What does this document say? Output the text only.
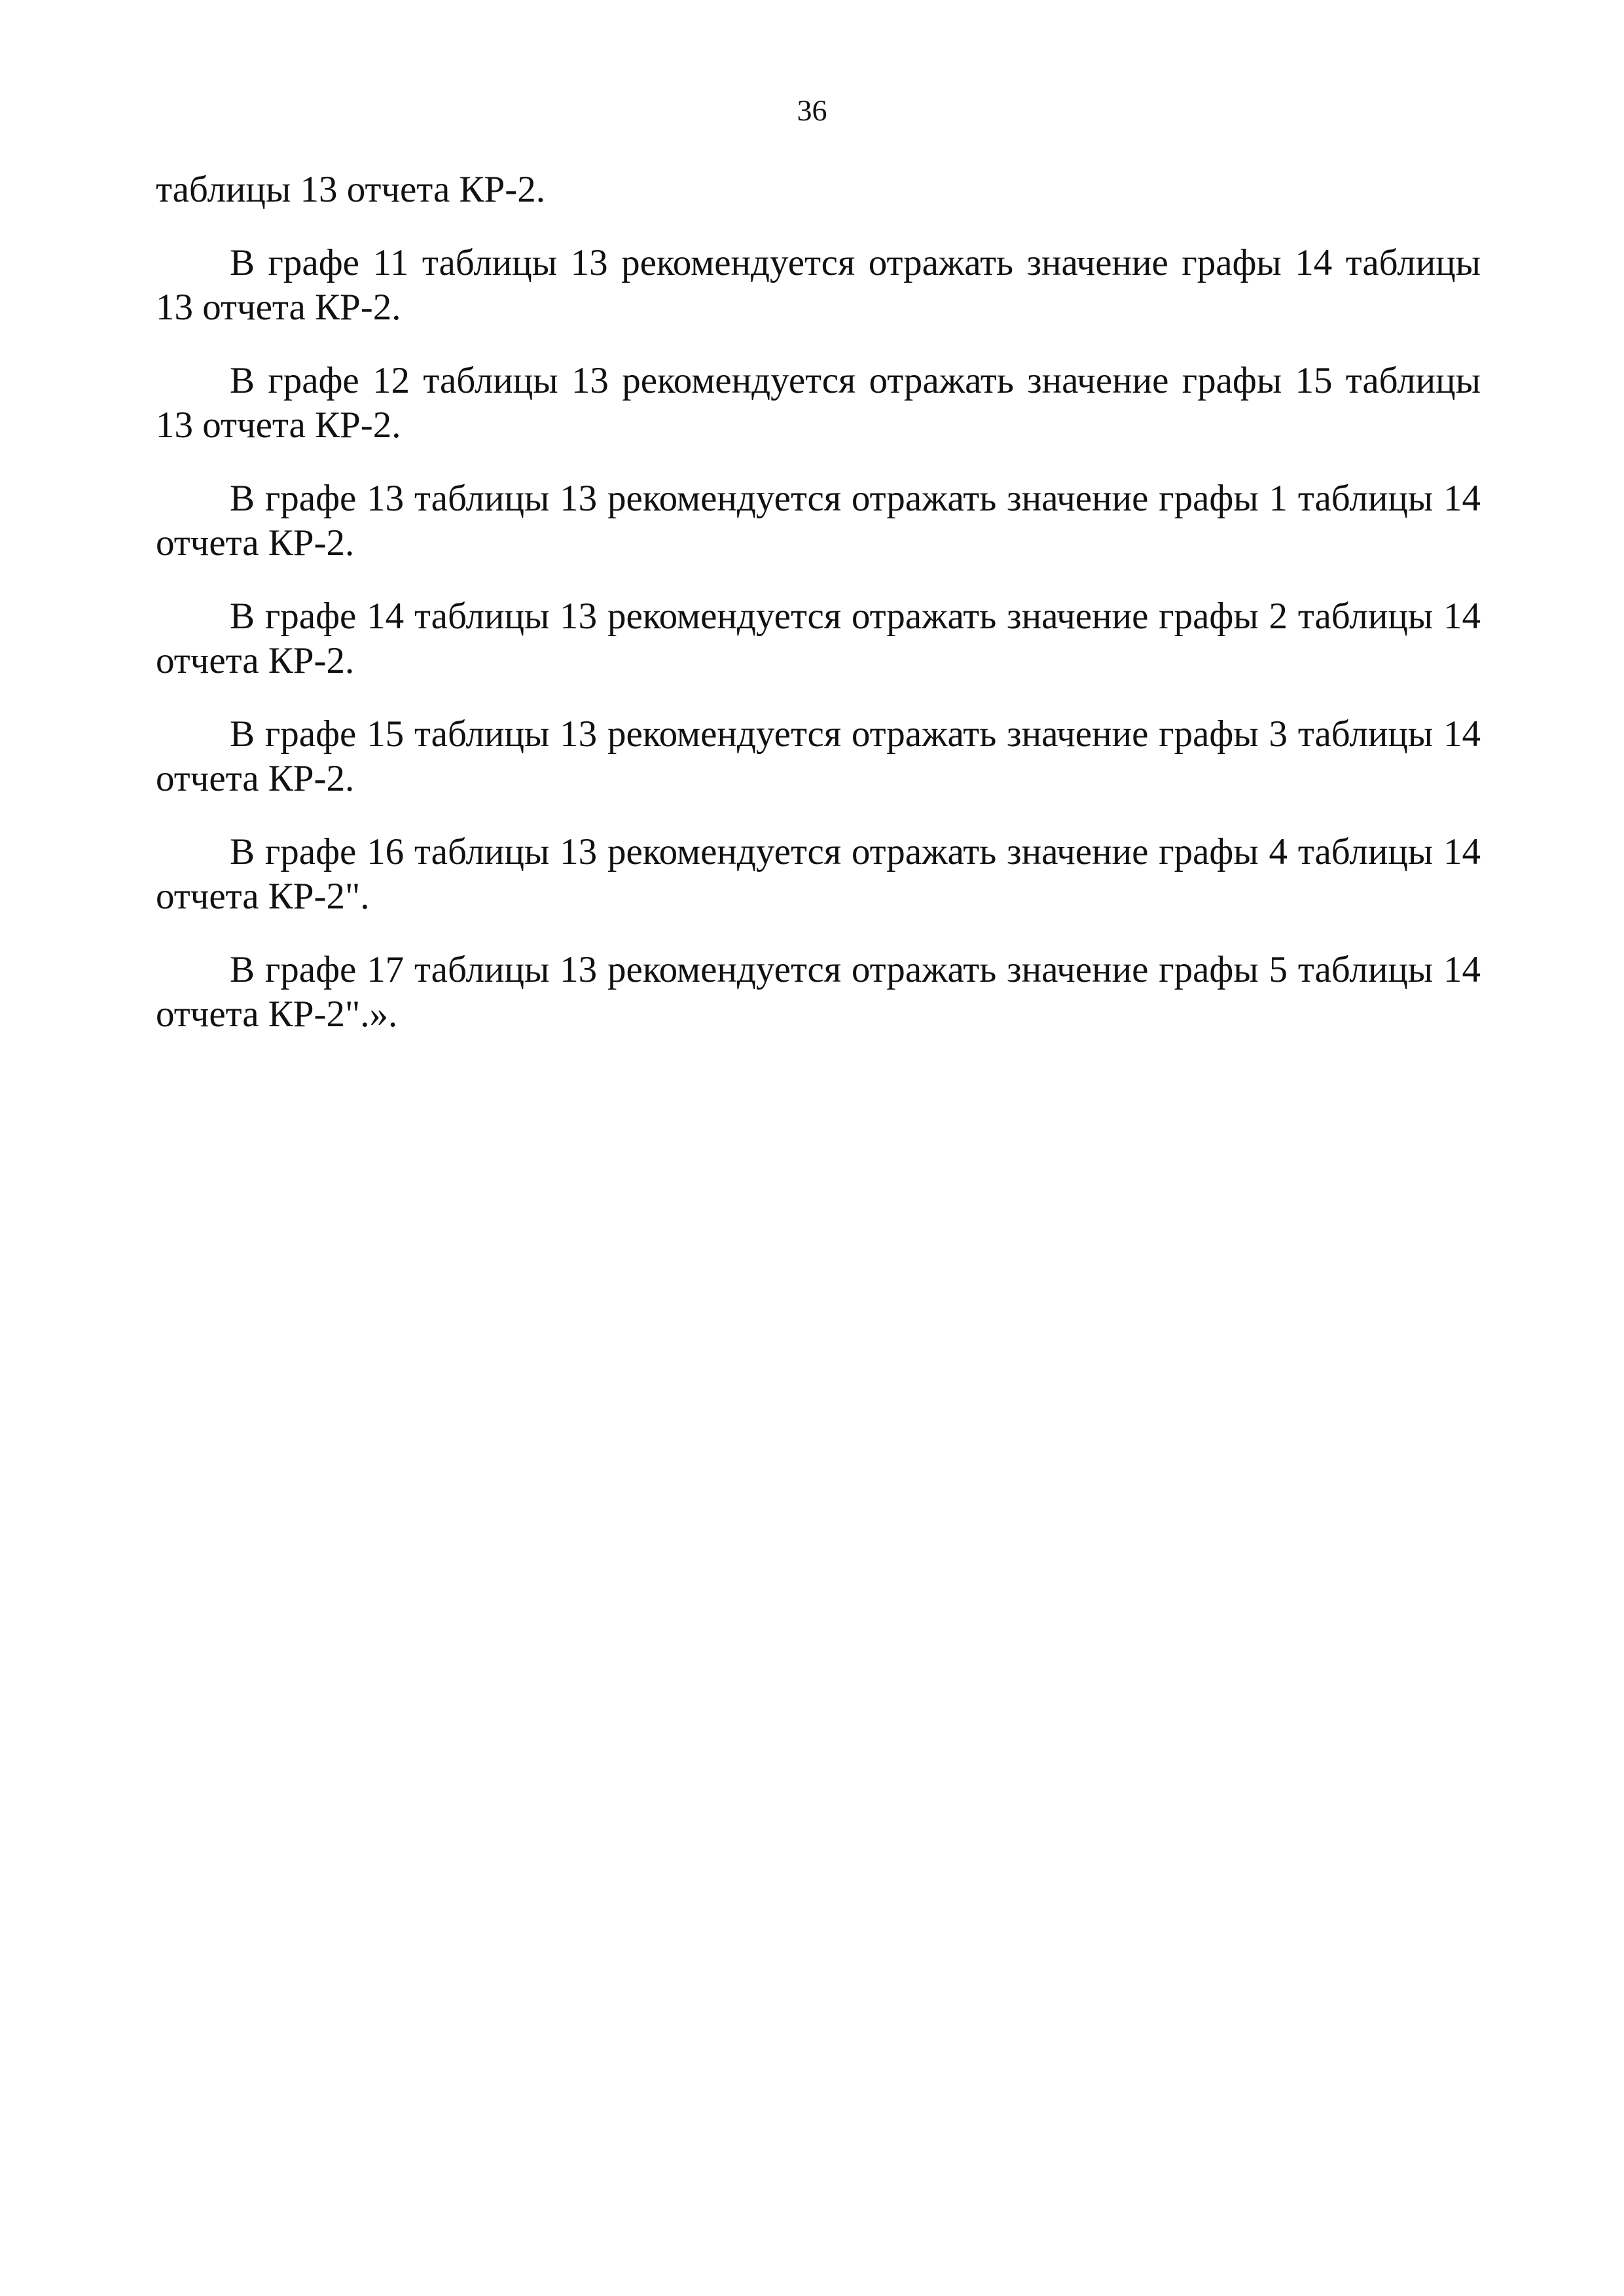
36

таблицы 13 отчета КР-2.

В графе 11 таблицы 13 рекомендуется отражать значение графы 14 таблицы 13 отчета КР-2.

В графе 12 таблицы 13 рекомендуется отражать значение графы 15 таблицы 13 отчета КР-2.

В графе 13 таблицы 13 рекомендуется отражать значение графы 1 таблицы 14 отчета КР-2.

В графе 14 таблицы 13 рекомендуется отражать значение графы 2 таблицы 14 отчета КР-2.

В графе 15 таблицы 13 рекомендуется отражать значение графы 3 таблицы 14 отчета КР-2.

В графе 16 таблицы 13 рекомендуется отражать значение графы 4 таблицы 14 отчета КР-2".

В графе 17 таблицы 13 рекомендуется отражать значение графы 5 таблицы 14 отчета КР-2".».
